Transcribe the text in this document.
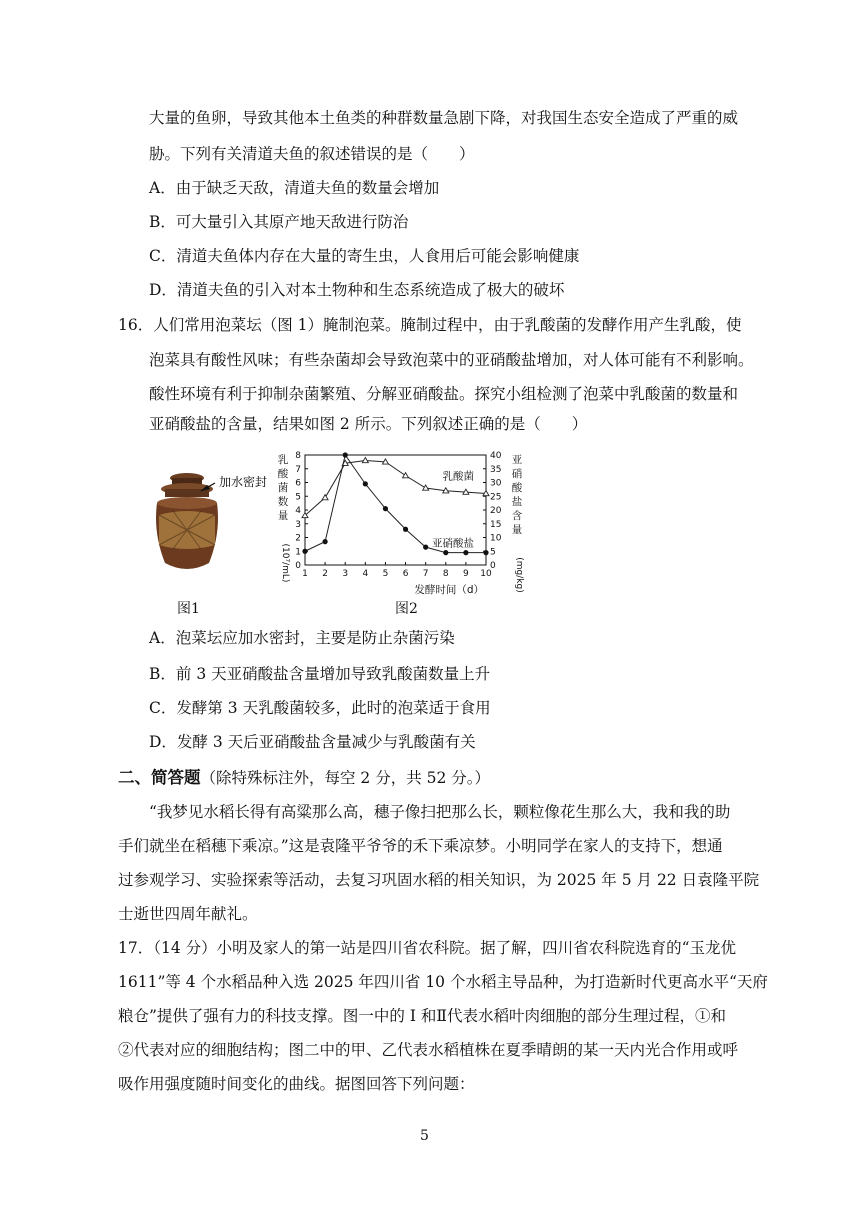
大量的鱼卵，导致其他本土鱼类的种群数量急剧下降，对我国生态安全造成了严重的威
胁。下列有关清道夫鱼的叙述错误的是（　　）
A．由于缺乏天敌，清道夫鱼的数量会增加
B．可大量引入其原产地天敌进行防治
C．清道夫鱼体内存在大量的寄生虫，人食用后可能会影响健康
D．清道夫鱼的引入对本土物种和生态系统造成了极大的破坏
16．人们常用泡菜坛（图 1）腌制泡菜。腌制过程中，由于乳酸菌的发酵作用产生乳酸，使
泡菜具有酸性风味；有些杂菌却会导致泡菜中的亚硝酸盐增加，对人体可能有不利影响。
酸性环境有利于抑制杂菌繁殖、分解亚硝酸盐。探究小组检测了泡菜中乳酸菌的数量和
亚硝酸盐的含量，结果如图 2 所示。下列叙述正确的是（　　）
加水密封
图1
0
1
2
3
4
5
6
7
8
0
5
10
15
20
25
30
35
40
1 2 3 4 5 6 7 8 9 10
乳
酸
菌
数
量
(10⁷/mL)
亚
硝
酸
盐
含
量
(mg/kg)
发酵时间（d）
乳酸菌
亚硝酸盐
图2
A．泡菜坛应加水密封，主要是防止杂菌污染
B．前 3 天亚硝酸盐含量增加导致乳酸菌数量上升
C．发酵第 3 天乳酸菌较多，此时的泡菜适于食用
D．发酵 3 天后亚硝酸盐含量减少与乳酸菌有关
二、简答题（除特殊标注外，每空 2 分，共 52 分。）
“我梦见水稻长得有高粱那么高，穗子像扫把那么长，颗粒像花生那么大，我和我的助
手们就坐在稻穗下乘凉。”这是袁隆平爷爷的禾下乘凉梦。小明同学在家人的支持下，想通
过参观学习、实验探索等活动，去复习巩固水稻的相关知识，为 2025 年 5 月 22 日袁隆平院
士逝世四周年献礼。
17．（14 分）小明及家人的第一站是四川省农科院。据了解，四川省农科院选育的“玉龙优
1611”等 4 个水稻品种入选 2025 年四川省 10 个水稻主导品种，为打造新时代更高水平“天府
粮仓”提供了强有力的科技支撑。图一中的 I 和Ⅱ代表水稻叶肉细胞的部分生理过程，①和
②代表对应的细胞结构；图二中的甲、乙代表水稻植株在夏季晴朗的某一天内光合作用或呼
吸作用强度随时间变化的曲线。据图回答下列问题：
5
